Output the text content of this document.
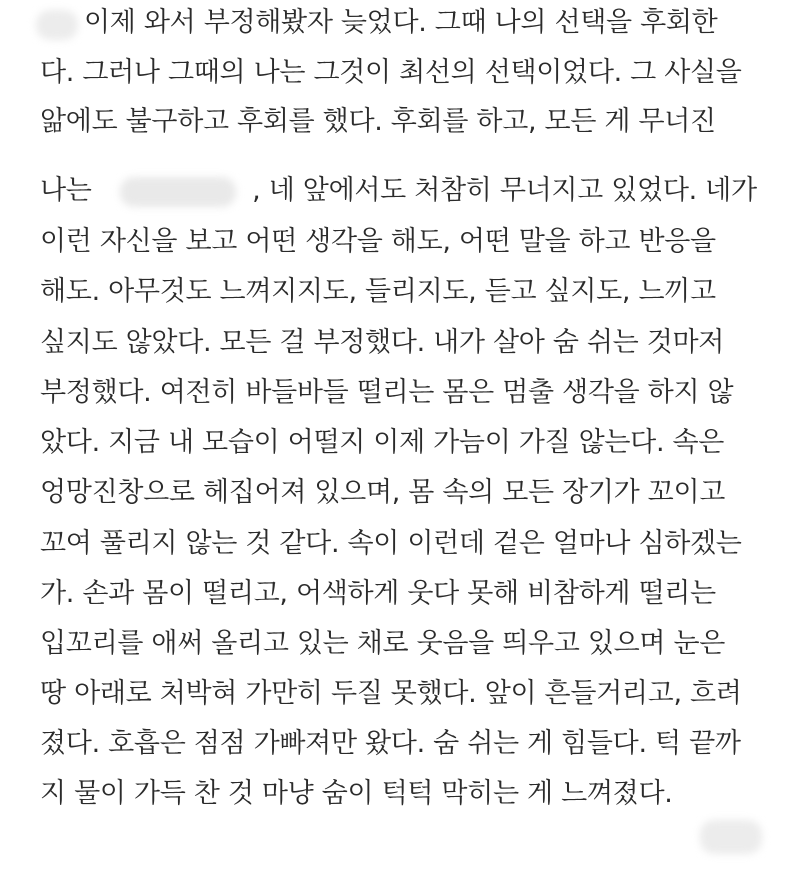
이제 와서 부정해봤자 늦었다. 그때 나의 선택을 후회한

다. 그러나 그때의 나는 그것이 최선의 선택이었다. 그 사실을

앎에도 불구하고 후회를 했다. 후회를 하고, 모든 게 무너진

나는	, 네 앞에서도 처참히 무너지고 있었다. 네가

이런 자신을 보고 어떤 생각을 해도, 어떤 말을 하고 반응을

해도. 아무것도 느껴지지도, 들리지도, 듣고 싶지도, 느끼고

싶지도 않았다. 모든 걸 부정했다. 내가 살아 숨 쉬는 것마저

부정했다. 여전히 바들바들 떨리는 몸은 멈출 생각을 하지 않

았다. 지금 내 모습이 어떨지 이제 가늠이 가질 않는다. 속은

엉망진창으로 헤집어져 있으며, 몸 속의 모든 장기가 꼬이고

꼬여 풀리지 않는 것 같다. 속이 이런데 겉은 얼마나 심하겠는

가. 손과 몸이 떨리고, 어색하게 웃다 못해 비참하게 떨리는

입꼬리를 애써 올리고 있는 채로 웃음을 띄우고 있으며 눈은

땅 아래로 처박혀 가만히 두질 못했다. 앞이 흔들거리고, 흐려

졌다. 호흡은 점점 가빠져만 왔다. 숨 쉬는 게 힘들다. 턱 끝까

지 물이 가득 찬 것 마냥 숨이 턱턱 막히는 게 느껴졌다.
